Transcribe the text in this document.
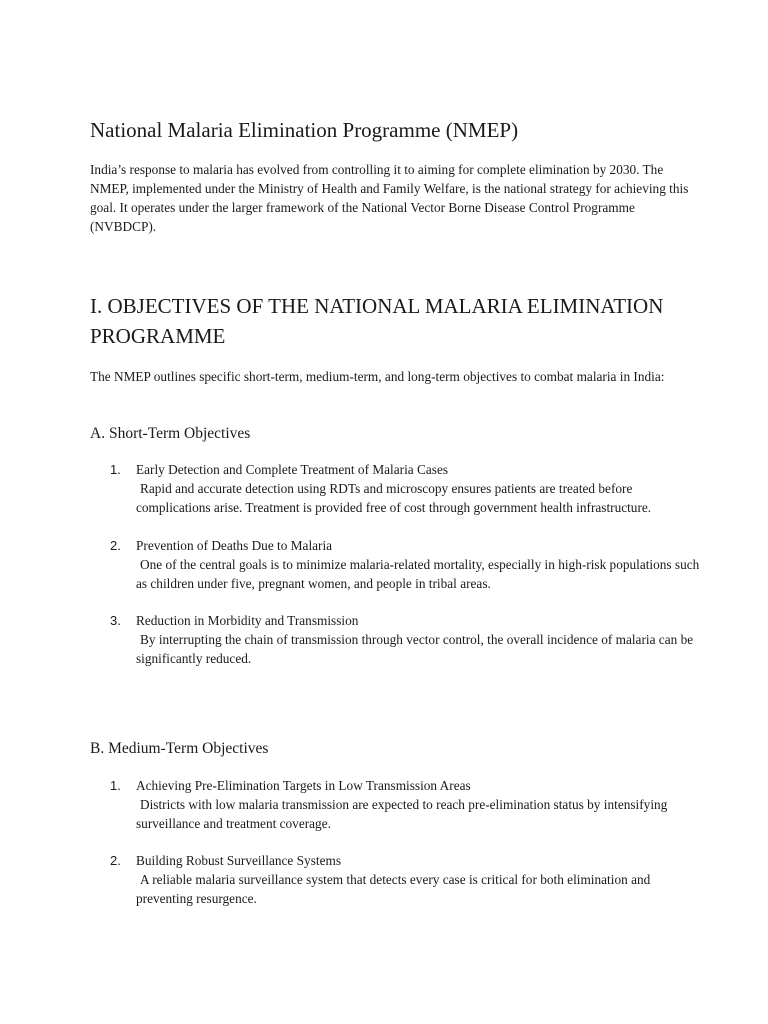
National Malaria Elimination Programme (NMEP)

India’s response to malaria has evolved from controlling it to aiming for complete elimination by 2030. The NMEP, implemented under the Ministry of Health and Family Welfare, is the national strategy for achieving this goal. It operates under the larger framework of the National Vector Borne Disease Control Programme (NVBDCP).

I. OBJECTIVES OF THE NATIONAL MALARIA ELIMINATION PROGRAMME

The NMEP outlines specific short-term, medium-term, and long-term objectives to combat malaria in India:

A. Short-Term Objectives
1. Early Detection and Complete Treatment of Malaria Cases
Rapid and accurate detection using RDTs and microscopy ensures patients are treated before complications arise. Treatment is provided free of cost through government health infrastructure.
2. Prevention of Deaths Due to Malaria
One of the central goals is to minimize malaria-related mortality, especially in high-risk populations such as children under five, pregnant women, and people in tribal areas.
3. Reduction in Morbidity and Transmission
By interrupting the chain of transmission through vector control, the overall incidence of malaria can be significantly reduced.
B. Medium-Term Objectives
1. Achieving Pre-Elimination Targets in Low Transmission Areas
Districts with low malaria transmission are expected to reach pre-elimination status by intensifying surveillance and treatment coverage.
2. Building Robust Surveillance Systems
A reliable malaria surveillance system that detects every case is critical for both elimination and preventing resurgence.
